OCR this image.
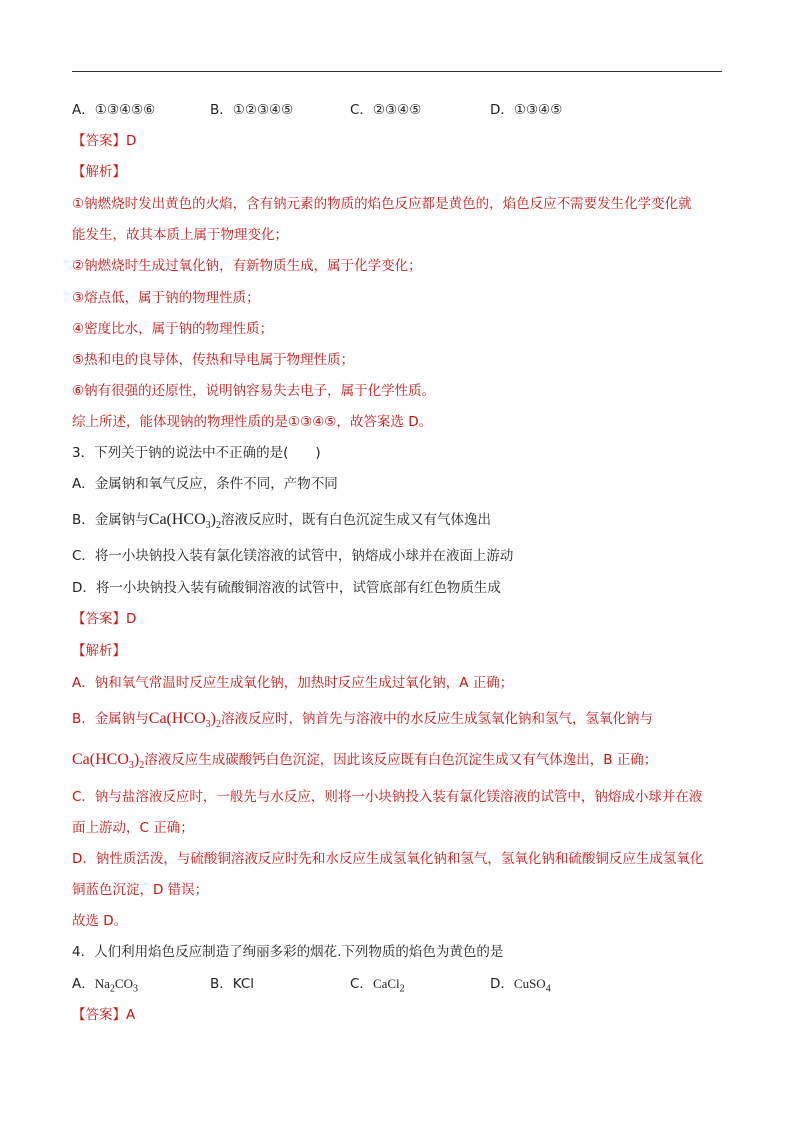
A．①③④⑤⑥	B．①②③④⑤	C．②③④⑤	D．①③④⑤
【答案】D
【解析】
①钠燃烧时发出黄色的火焰，含有钠元素的物质的焰色反应都是黄色的，焰色反应不需要发生化学变化就
能发生，故其本质上属于物理变化；
②钠燃烧时生成过氧化钠，有新物质生成，属于化学变化；
③熔点低，属于钠的物理性质；
④密度比水，属于钠的物理性质；
⑤热和电的良导体，传热和导电属于物理性质；
⑥钠有很强的还原性，说明钠容易失去电子，属于化学性质。
综上所述，能体现钠的物理性质的是①③④⑤，故答案选 D。
3．下列关于钠的说法中不正确的是(　　)
A．金属钠和氧气反应，条件不同，产物不同
B．金属钠与$Ca(HCO_3)_2$溶液反应时，既有白色沉淀生成又有气体逸出
C．将一小块钠投入装有氯化镁溶液的试管中，钠熔成小球并在液面上游动
D．将一小块钠投入装有硫酸铜溶液的试管中，试管底部有红色物质生成
【答案】D
【解析】
A．钠和氧气常温时反应生成氧化钠，加热时反应生成过氧化钠，A 正确；
B．金属钠与$Ca(HCO_3)_2$溶液反应时，钠首先与溶液中的水反应生成氢氧化钠和氢气，氢氧化钠与
$Ca(HCO_3)_2$溶液反应生成碳酸钙白色沉淀，因此该反应既有白色沉淀生成又有气体逸出，B 正确；
C．钠与盐溶液反应时，一般先与水反应，则将一小块钠投入装有氯化镁溶液的试管中，钠熔成小球并在液
面上游动，C 正确；
D．钠性质活泼，与硫酸铜溶液反应时先和水反应生成氢氧化钠和氢气，氢氧化钠和硫酸铜反应生成氢氧化
铜蓝色沉淀，D 错误；
故选 D。
4．人们利用焰色反应制造了绚丽多彩的烟花.下列物质的焰色为黄色的是
A．$Na_2CO_3$	B．KCl	C．CaCl$_2$	D．CuSO$_4$
【答案】A
